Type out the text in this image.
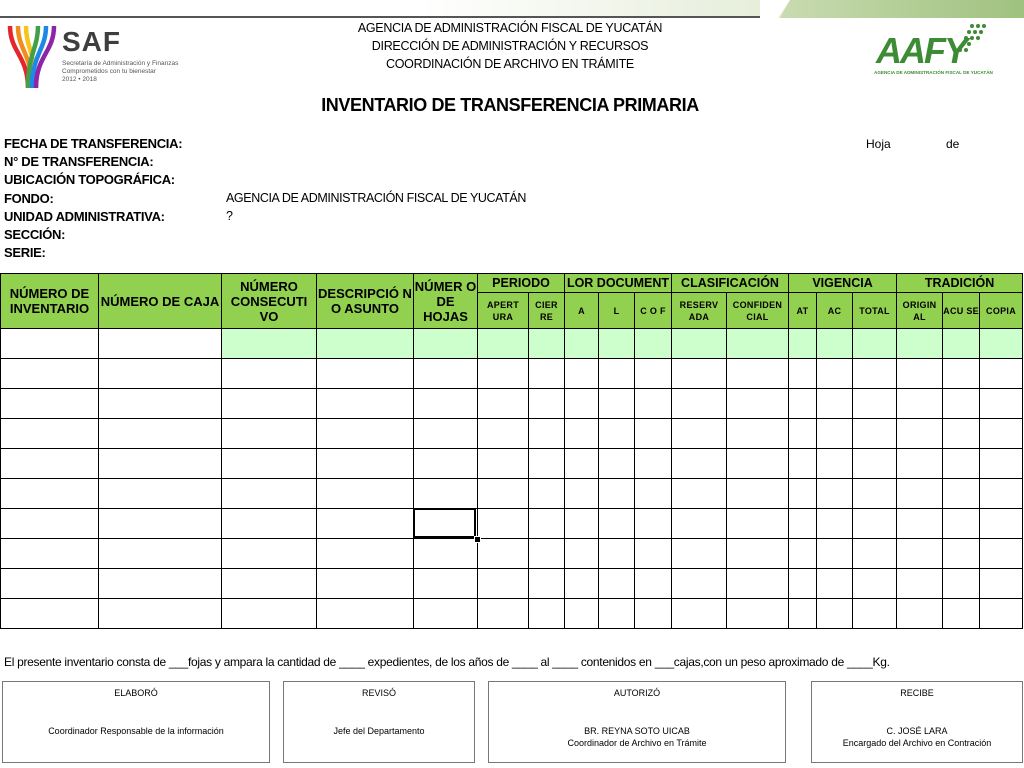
SAF
Secretaría de Administración y Finanzas
Comprometidos con tu bienestar
2012 • 2018
AAFY
AGENCIA DE ADMINISTRACIÓN FISCAL DE YUCATÁN
AGENCIA DE ADMINISTRACIÓN FISCAL DE YUCATÁN
DIRECCIÓN DE ADMINISTRACIÓN Y RECURSOS
COORDINACIÓN DE ARCHIVO EN TRÁMITE
INVENTARIO DE TRANSFERENCIA PRIMARIA
FECHA DE TRANSFERENCIA:
N° DE TRANSFERENCIA:
UBICACIÓN TOPOGRÁFICA:
FONDO:	AGENCIA DE ADMINISTRACIÓN FISCAL DE YUCATÁN
UNIDAD ADMINISTRATIVA:	?
SECCIÓN:
SERIE:
Hoja	de
NÚMERO DE INVENTARIO	NÚMERO DE CAJA	NÚMERO CONSECUTI VO	DESCRIPCIÓ N O ASUNTO	NÚMER O DE HOJAS	PERIODO		LOR DOCUMENT			CLASIFICACIÓN		VIGENCIA			TRADICIÓN		
					APERT URA	CIER RE	A	L	C O F	RESERV ADA	CONFIDEN CIAL	AT	AC	TOTAL	ORIGIN AL	ACU SE	COPIA

El presente inventario consta de ___fojas y ampara la cantidad de ____ expedientes, de los años de ____ al ____ contenidos en ___cajas,con un peso aproximado de ____Kg.
ELABORÓ
Coordinador Responsable de la información
REVISÓ
Jefe del Departamento
AUTORIZÓ
BR. REYNA SOTO UICAB
Coordinador de Archivo en Trámite
RECIBE
C. JOSÉ LARA
Encargado del Archivo en Contración
